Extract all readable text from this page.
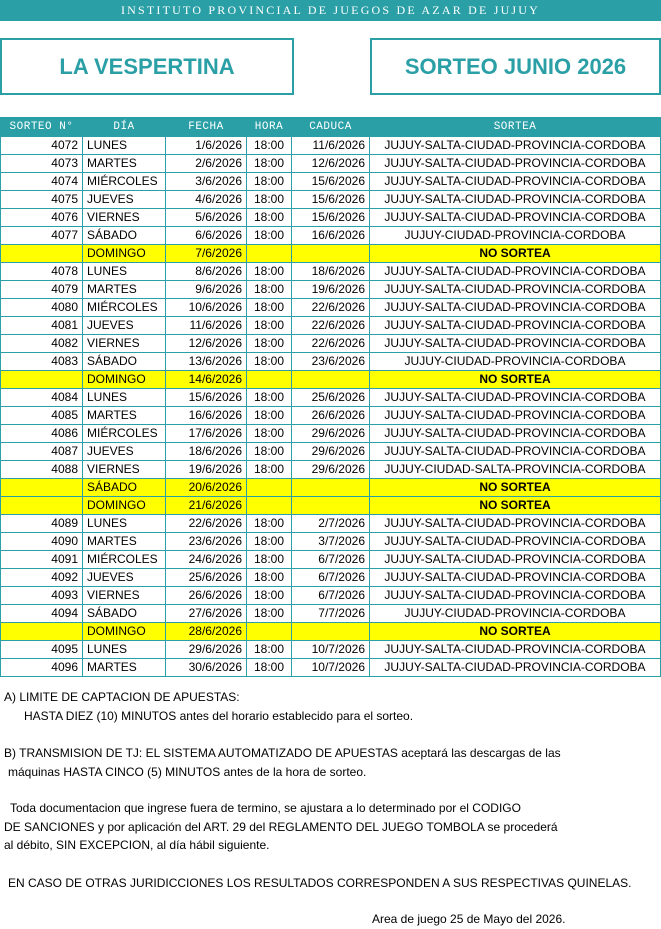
INSTITUTO PROVINCIAL DE JUEGOS DE AZAR DE JUJUY
LA VESPERTINA	SORTEO JUNIO 2026
SORTEO N°	DÍA	FECHA	HORA	CADUCA	SORTEA
4072	LUNES	1/6/2026	18:00	11/6/2026	JUJUY-SALTA-CIUDAD-PROVINCIA-CORDOBA
4073	MARTES	2/6/2026	18:00	12/6/2026	JUJUY-SALTA-CIUDAD-PROVINCIA-CORDOBA
4074	MIÉRCOLES	3/6/2026	18:00	15/6/2026	JUJUY-SALTA-CIUDAD-PROVINCIA-CORDOBA
4075	JUEVES	4/6/2026	18:00	15/6/2026	JUJUY-SALTA-CIUDAD-PROVINCIA-CORDOBA
4076	VIERNES	5/6/2026	18:00	15/6/2026	JUJUY-SALTA-CIUDAD-PROVINCIA-CORDOBA
4077	SÁBADO	6/6/2026	18:00	16/6/2026	JUJUY-CIUDAD-PROVINCIA-CORDOBA
	DOMINGO	7/6/2026			NO SORTEA
4078	LUNES	8/6/2026	18:00	18/6/2026	JUJUY-SALTA-CIUDAD-PROVINCIA-CORDOBA
4079	MARTES	9/6/2026	18:00	19/6/2026	JUJUY-SALTA-CIUDAD-PROVINCIA-CORDOBA
4080	MIÉRCOLES	10/6/2026	18:00	22/6/2026	JUJUY-SALTA-CIUDAD-PROVINCIA-CORDOBA
4081	JUEVES	11/6/2026	18:00	22/6/2026	JUJUY-SALTA-CIUDAD-PROVINCIA-CORDOBA
4082	VIERNES	12/6/2026	18:00	22/6/2026	JUJUY-SALTA-CIUDAD-PROVINCIA-CORDOBA
4083	SÁBADO	13/6/2026	18:00	23/6/2026	JUJUY-CIUDAD-PROVINCIA-CORDOBA
	DOMINGO	14/6/2026			NO SORTEA
4084	LUNES	15/6/2026	18:00	25/6/2026	JUJUY-SALTA-CIUDAD-PROVINCIA-CORDOBA
4085	MARTES	16/6/2026	18:00	26/6/2026	JUJUY-SALTA-CIUDAD-PROVINCIA-CORDOBA
4086	MIÉRCOLES	17/6/2026	18:00	29/6/2026	JUJUY-SALTA-CIUDAD-PROVINCIA-CORDOBA
4087	JUEVES	18/6/2026	18:00	29/6/2026	JUJUY-SALTA-CIUDAD-PROVINCIA-CORDOBA
4088	VIERNES	19/6/2026	18:00	29/6/2026	JUJUY-CIUDAD-SALTA-PROVINCIA-CORDOBA
	SÁBADO	20/6/2026			NO SORTEA
	DOMINGO	21/6/2026			NO SORTEA
4089	LUNES	22/6/2026	18:00	2/7/2026	JUJUY-SALTA-CIUDAD-PROVINCIA-CORDOBA
4090	MARTES	23/6/2026	18:00	3/7/2026	JUJUY-SALTA-CIUDAD-PROVINCIA-CORDOBA
4091	MIÉRCOLES	24/6/2026	18:00	6/7/2026	JUJUY-SALTA-CIUDAD-PROVINCIA-CORDOBA
4092	JUEVES	25/6/2026	18:00	6/7/2026	JUJUY-SALTA-CIUDAD-PROVINCIA-CORDOBA
4093	VIERNES	26/6/2026	18:00	6/7/2026	JUJUY-SALTA-CIUDAD-PROVINCIA-CORDOBA
4094	SÁBADO	27/6/2026	18:00	7/7/2026	JUJUY-CIUDAD-PROVINCIA-CORDOBA
	DOMINGO	28/6/2026			NO SORTEA
4095	LUNES	29/6/2026	18:00	10/7/2026	JUJUY-SALTA-CIUDAD-PROVINCIA-CORDOBA
4096	MARTES	30/6/2026	18:00	10/7/2026	JUJUY-SALTA-CIUDAD-PROVINCIA-CORDOBA

A) LIMITE DE CAPTACION DE APUESTAS:

HASTA DIEZ (10) MINUTOS antes del horario establecido para el sorteo.

B) TRANSMISION DE TJ: EL SISTEMA AUTOMATIZADO DE APUESTAS aceptará las descargas de las

máquinas HASTA CINCO (5) MINUTOS antes de la hora de sorteo.

Toda documentacion que ingrese fuera de termino, se ajustara a lo determinado por el CODIGO

DE SANCIONES y por aplicación del ART. 29 del REGLAMENTO DEL JUEGO TOMBOLA se procederá

al débito, SIN EXCEPCION, al día hábil siguiente.

EN CASO DE OTRAS JURIDICCIONES LOS RESULTADOS CORRESPONDEN A SUS RESPECTIVAS QUINELAS.

Area de juego 25 de Mayo del 2026.
